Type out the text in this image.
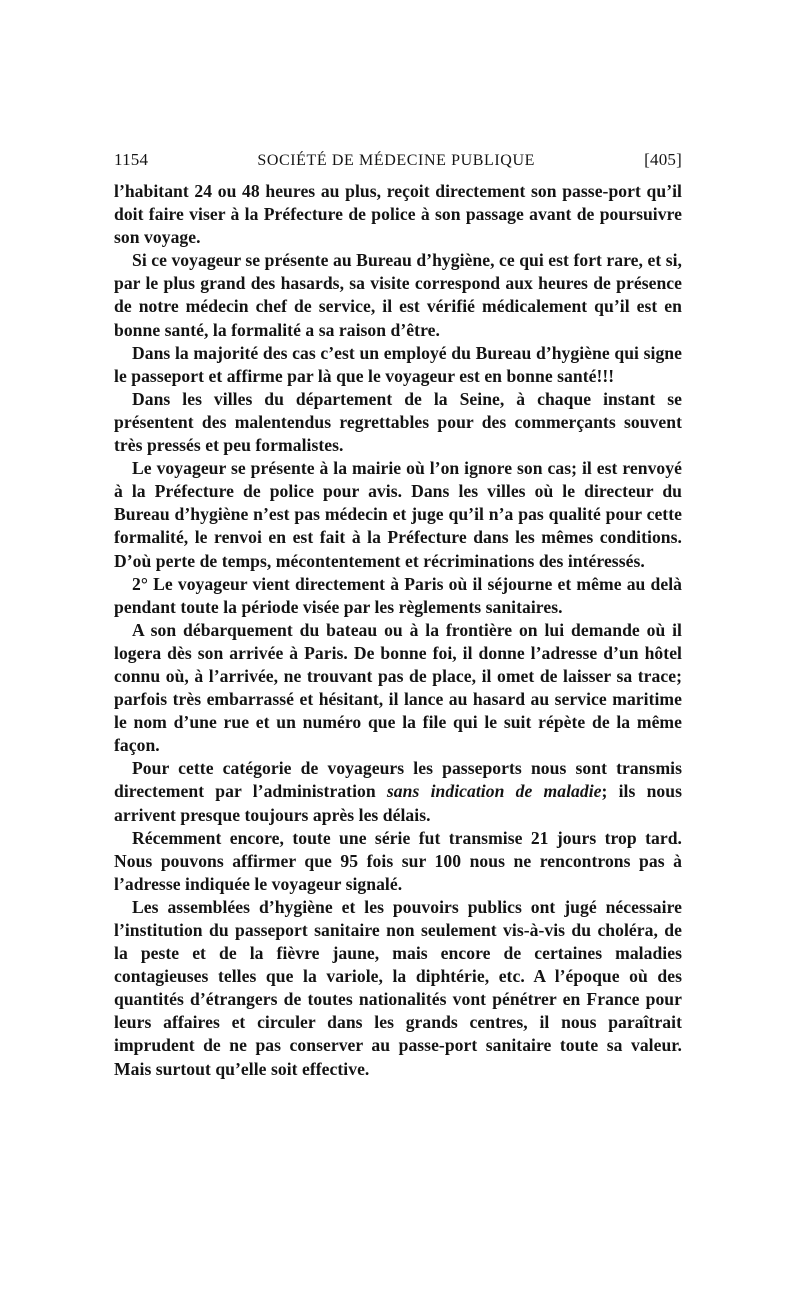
1154	SOCIÉTÉ DE MÉDECINE PUBLIQUE	[405]

l’habitant 24 ou 48 heures au plus, reçoit directement son passe-port qu’il doit faire viser à la Préfecture de police à son passage avant de poursuivre son voyage.

Si ce voyageur se présente au Bureau d’hygiène, ce qui est fort rare, et si, par le plus grand des hasards, sa visite correspond aux heures de présence de notre médecin chef de service, il est vérifié médicalement qu’il est en bonne santé, la formalité a sa raison d’être.

Dans la majorité des cas c’est un employé du Bureau d’hygiène qui signe le passeport et affirme par là que le voyageur est en bonne santé!!!

Dans les villes du département de la Seine, à chaque instant se présentent des malentendus regrettables pour des commerçants souvent très pressés et peu formalistes.

Le voyageur se présente à la mairie où l’on ignore son cas; il est renvoyé à la Préfecture de police pour avis. Dans les villes où le directeur du Bureau d’hygiène n’est pas médecin et juge qu’il n’a pas qualité pour cette formalité, le renvoi en est fait à la Préfecture dans les mêmes conditions. D’où perte de temps, mécontentement et récriminations des intéressés.

2° Le voyageur vient directement à Paris où il séjourne et même au delà pendant toute la période visée par les règlements sanitaires.

A son débarquement du bateau ou à la frontière on lui demande où il logera dès son arrivée à Paris. De bonne foi, il donne l’adresse d’un hôtel connu où, à l’arrivée, ne trouvant pas de place, il omet de laisser sa trace; parfois très embarrassé et hésitant, il lance au hasard au service maritime le nom d’une rue et un numéro que la file qui le suit répète de la même façon.

Pour cette catégorie de voyageurs les passeports nous sont transmis directement par l’administration sans indication de maladie; ils nous arrivent presque toujours après les délais.

Récemment encore, toute une série fut transmise 21 jours trop tard. Nous pouvons affirmer que 95 fois sur 100 nous ne rencontrons pas à l’adresse indiquée le voyageur signalé.

Les assemblées d’hygiène et les pouvoirs publics ont jugé nécessaire l’institution du passeport sanitaire non seulement vis-à-vis du choléra, de la peste et de la fièvre jaune, mais encore de certaines maladies contagieuses telles que la variole, la diphtérie, etc. A l’époque où des quantités d’étrangers de toutes nationalités vont pénétrer en France pour leurs affaires et circuler dans les grands centres, il nous paraîtrait imprudent de ne pas conserver au passe-port sanitaire toute sa valeur. Mais surtout qu’elle soit effective.
